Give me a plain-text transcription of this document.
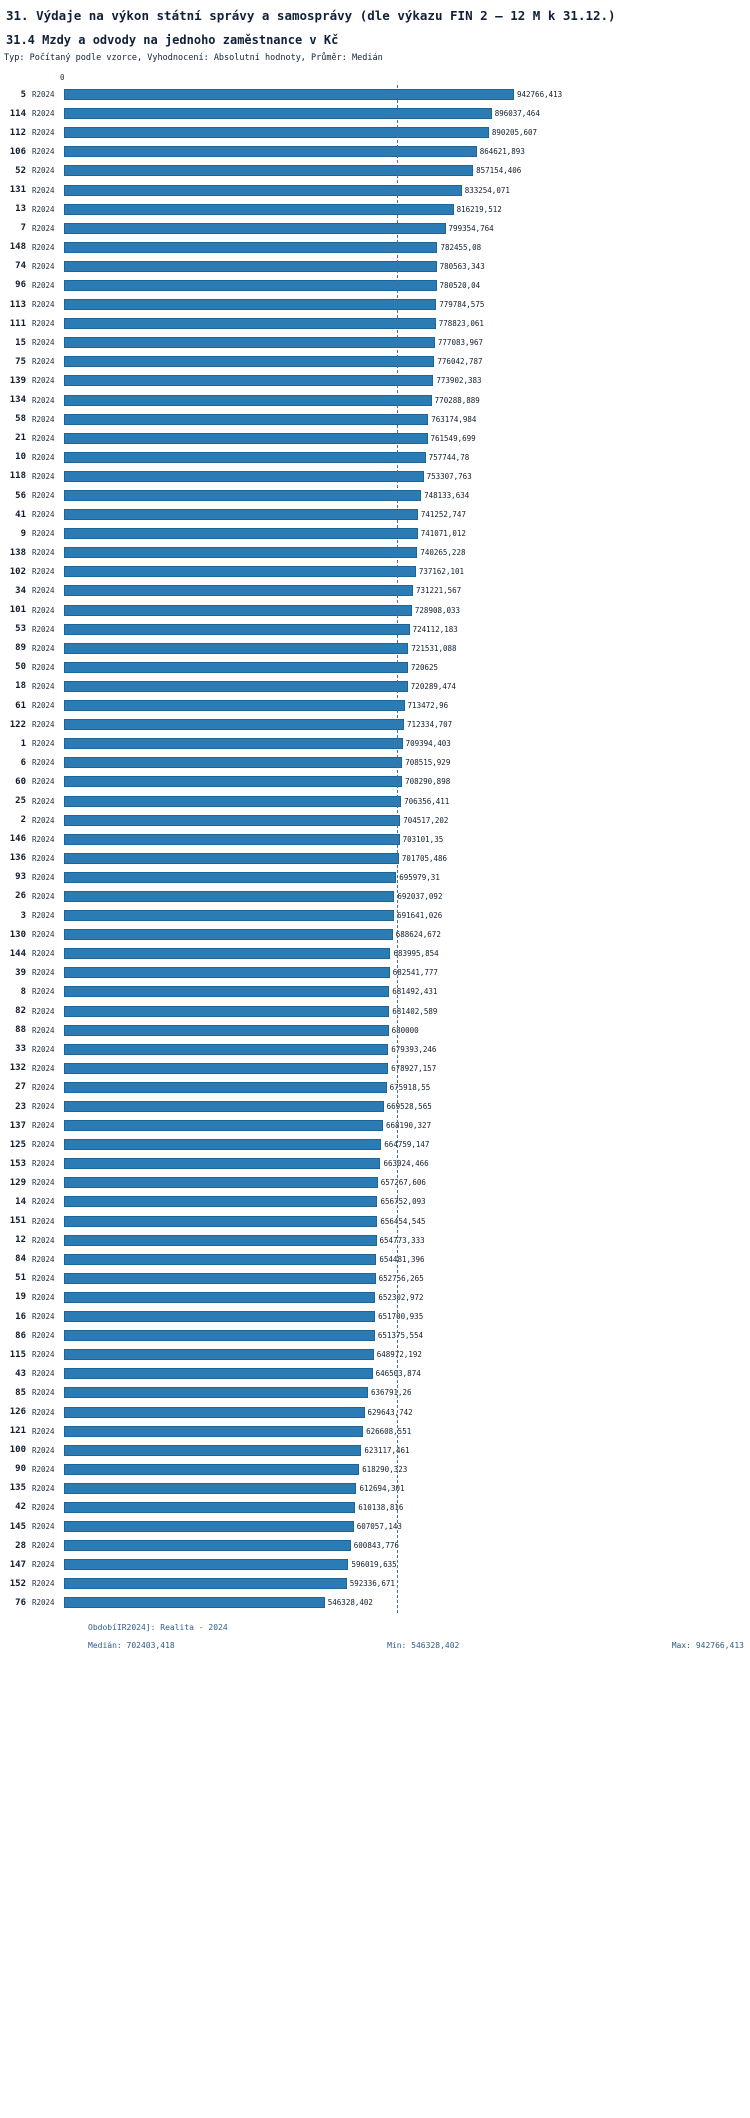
31. Výdaje na výkon státní správy a samosprávy (dle výkazu FIN 2 – 12 M k 31.12.)
31.4 Mzdy a odvody na jednoho zaměstnance v Kč
Typ: Počítaný podle vzorce, Vyhodnocení: Absolutní hodnoty, Průměr: Medián
0
5 R2024	942766,413
114 R2024	896037,464
112 R2024	890205,607
106 R2024	864621,893
52 R2024	857154,406
131 R2024	833254,071
13 R2024	816219,512
7 R2024	799354,764
148 R2024	782455,08
74 R2024	780563,343
96 R2024	780520,04
113 R2024	779784,575
111 R2024	778823,061
15 R2024	777083,967
75 R2024	776042,787
139 R2024	773902,383
134 R2024	770288,889
58 R2024	763174,984
21 R2024	761549,699
10 R2024	757744,78
118 R2024	753307,763
56 R2024	748133,634
41 R2024	741252,747
9 R2024	741071,012
138 R2024	740265,228
102 R2024	737162,101
34 R2024	731221,567
101 R2024	728908,033
53 R2024	724112,183
89 R2024	721531,088
50 R2024	720625
18 R2024	720289,474
61 R2024	713472,96
122 R2024	712334,707
1 R2024	709394,403
6 R2024	708515,929
60 R2024	708290,898
25 R2024	706356,411
2 R2024	704517,202
146 R2024	703101,35
136 R2024	701705,486
93 R2024	695979,31
26 R2024	692037,092
3 R2024	691641,026
130 R2024	688624,672
144 R2024	683995,854
39 R2024	682541,777
8 R2024	681492,431
82 R2024	681402,589
88 R2024	680000
33 R2024	679393,246
132 R2024	678927,157
27 R2024	675918,55
23 R2024	669528,565
137 R2024	668190,327
125 R2024	664759,147
153 R2024	663024,466
129 R2024	657267,606
14 R2024	656752,093
151 R2024	656454,545
12 R2024	654773,333
84 R2024	654481,396
51 R2024	652756,265
19 R2024	652302,972
16 R2024	651700,935
86 R2024	651375,554
115 R2024	648972,192
43 R2024	646503,874
85 R2024	636791,26
126 R2024	629643,742
121 R2024	626608,551
100 R2024	623117,461
90 R2024	618290,323
135 R2024	612694,301
42 R2024	610138,816
145 R2024	607057,143
28 R2024	600843,776
147 R2024	596019,635
152 R2024	592336,671
76 R2024	546328,402
ObdobíIR2024]: Realita - 2024
Medián: 702403,418	Min: 546328,402	Max: 942766,413
